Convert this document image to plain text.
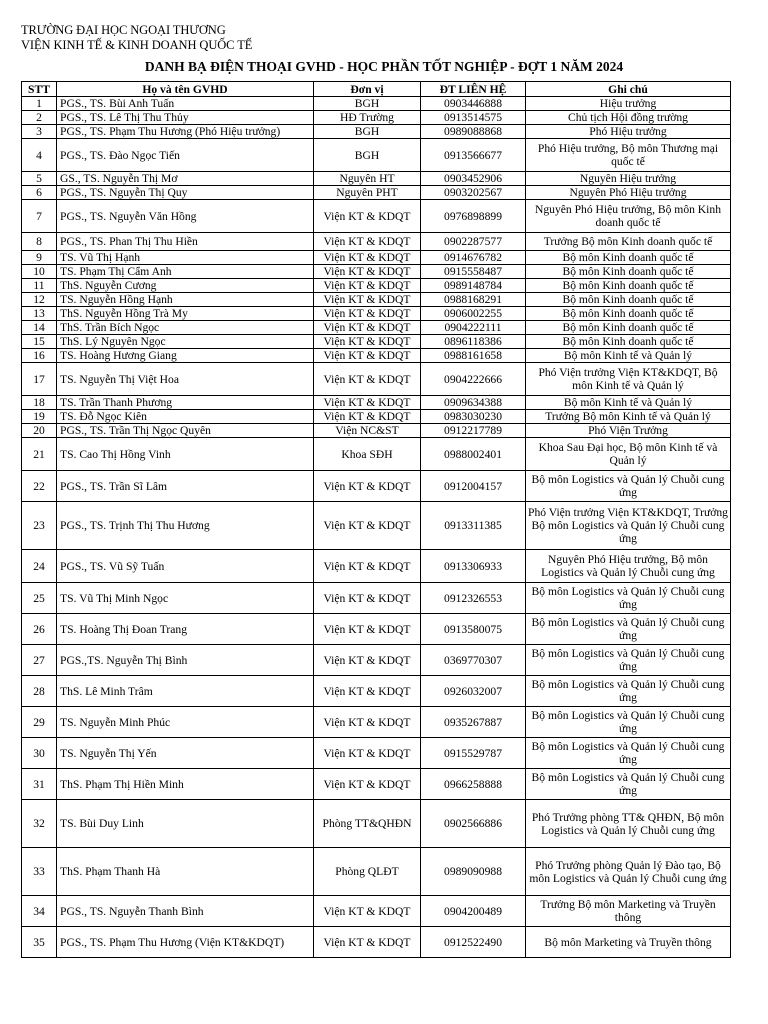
TRƯỜNG ĐẠI HỌC NGOẠI THƯƠNG
VIỆN KINH TẾ & KINH DOANH QUỐC TẾ
DANH BẠ ĐIỆN THOẠI GVHD - HỌC PHẦN TỐT NGHIỆP - ĐỢT 1 NĂM 2024
STT	Họ và tên GVHD	Đơn vị	ĐT LIÊN HỆ	Ghi chú
1	PGS., TS. Bùi Anh Tuấn	BGH	0903446888	Hiệu trưởng
2	PGS., TS. Lê Thị Thu Thủy	HĐ Trường	0913514575	Chủ tịch Hội đồng trường
3	PGS., TS. Phạm Thu Hương (Phó Hiệu trưởng)	BGH	0989088868	Phó Hiệu trưởng
4	PGS., TS. Đào Ngọc Tiến	BGH	0913566677	Phó Hiệu trưởng, Bộ môn Thương mại quốc tế
5	GS., TS. Nguyễn Thị Mơ	Nguyên HT	0903452906	Nguyên Hiệu trưởng
6	PGS., TS. Nguyễn Thị Quy	Nguyên PHT	0903202567	Nguyên Phó Hiệu trưởng
7	PGS., TS. Nguyễn Văn Hồng	Viện KT & KDQT	0976898899	Nguyên Phó Hiệu trưởng, Bộ môn Kinh doanh quốc tế
8	PGS., TS. Phan Thị Thu Hiền	Viện KT & KDQT	0902287577	Trưởng Bộ môn Kinh doanh quốc tế
9	TS. Vũ Thị Hạnh	Viện KT & KDQT	0914676782	Bộ môn Kinh doanh quốc tế
10	TS. Phạm Thị Cẩm Anh	Viện KT & KDQT	0915558487	Bộ môn Kinh doanh quốc tế
11	ThS. Nguyễn Cương	Viện KT & KDQT	0989148784	Bộ môn Kinh doanh quốc tế
12	TS. Nguyễn Hồng Hạnh	Viện KT & KDQT	0988168291	Bộ môn Kinh doanh quốc tế
13	ThS. Nguyễn Hồng Trà My	Viện KT & KDQT	0906002255	Bộ môn Kinh doanh quốc tế
14	ThS. Trần Bích Ngọc	Viện KT & KDQT	0904222111	Bộ môn Kinh doanh quốc tế
15	ThS. Lý Nguyên Ngọc	Viện KT & KDQT	0896118386	Bộ môn Kinh doanh quốc tế
16	TS. Hoàng Hương Giang	Viện KT & KDQT	0988161658	Bộ môn Kinh tế và Quản lý
17	TS. Nguyễn Thị Việt Hoa	Viện KT & KDQT	0904222666	Phó Viện trưởng Viện KT&KDQT, Bộ môn Kinh tế và Quản lý
18	TS. Trần Thanh Phương	Viện KT & KDQT	0909634388	Bộ môn Kinh tế và Quản lý
19	TS. Đỗ Ngọc Kiên	Viện KT & KDQT	0983030230	Trưởng Bộ môn Kinh tế và Quản lý
20	PGS., TS. Trần Thị Ngọc Quyên	Viện NC&ST	0912217789	Phó Viện Trưởng
21	TS. Cao Thị Hồng Vinh	Khoa SĐH	0988002401	Khoa Sau Đại học, Bộ môn Kinh tế và Quản lý
22	PGS., TS. Trần Sĩ Lâm	Viện KT & KDQT	0912004157	Bộ môn Logistics và Quản lý Chuỗi cung ứng
23	PGS., TS. Trịnh Thị Thu Hương	Viện KT & KDQT	0913311385	Phó Viện trưởng Viện KT&KDQT, Trưởng Bộ môn Logistics và Quản lý Chuỗi cung ứng
24	PGS., TS. Vũ Sỹ Tuấn	Viện KT & KDQT	0913306933	Nguyên Phó Hiệu trưởng, Bộ môn Logistics và Quản lý Chuỗi cung ứng
25	TS. Vũ Thị Minh Ngọc	Viện KT & KDQT	0912326553	Bộ môn Logistics và Quản lý Chuỗi cung ứng
26	TS. Hoàng Thị Đoan Trang	Viện KT & KDQT	0913580075	Bộ môn Logistics và Quản lý Chuỗi cung ứng
27	PGS.,TS. Nguyễn Thị Bình	Viện KT & KDQT	0369770307	Bộ môn Logistics và Quản lý Chuỗi cung ứng
28	ThS. Lê Minh Trâm	Viện KT & KDQT	0926032007	Bộ môn Logistics và Quản lý Chuỗi cung ứng
29	TS. Nguyễn Minh Phúc	Viện KT & KDQT	0935267887	Bộ môn Logistics và Quản lý Chuỗi cung ứng
30	TS. Nguyễn Thị Yến	Viện KT & KDQT	0915529787	Bộ môn Logistics và Quản lý Chuỗi cung ứng
31	ThS. Phạm Thị Hiền Minh	Viện KT & KDQT	0966258888	Bộ môn Logistics và Quản lý Chuỗi cung ứng
32	TS. Bùi Duy Linh	Phòng TT&QHĐN	0902566886	Phó Trưởng phòng TT& QHĐN, Bộ môn Logistics và Quản lý Chuỗi cung ứng
33	ThS. Phạm Thanh Hà	Phòng QLĐT	0989090988	Phó Trưởng phòng Quản lý Đào tạo, Bộ môn Logistics và Quản lý Chuỗi cung ứng
34	PGS., TS. Nguyễn Thanh Bình	Viện KT & KDQT	0904200489	Trưởng Bộ môn Marketing và Truyền thông
35	PGS., TS. Phạm Thu Hương (Viện KT&KDQT)	Viện KT & KDQT	0912522490	Bộ môn Marketing và Truyền thông
